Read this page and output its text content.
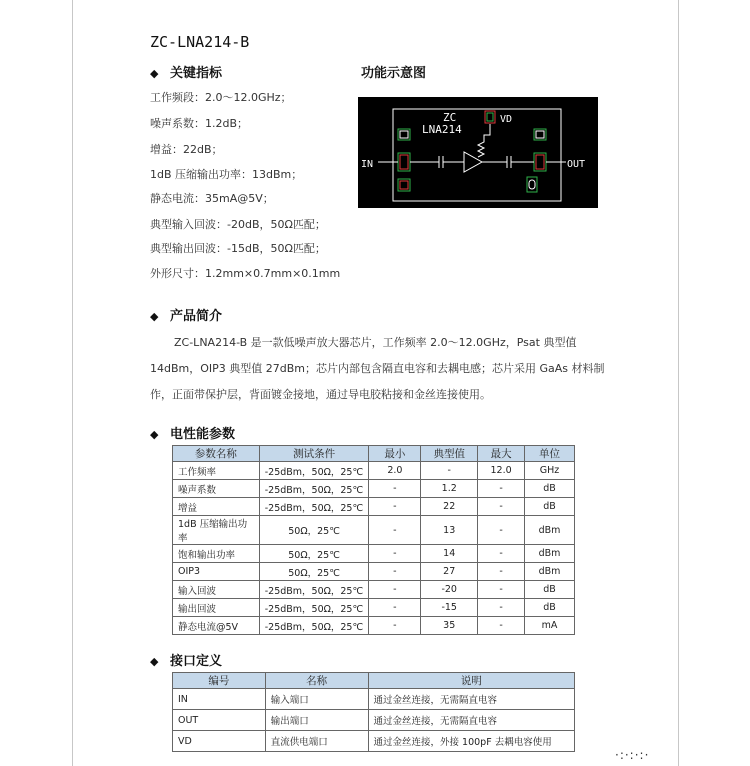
ZC-LNA214-B
◆ 关键指标	功能示意图
工作频段：2.0～12.0GHz；
噪声系数：1.2dB；
增益：22dB；
1dB 压缩输出功率：13dBm；
静态电流：35mA@5V；
典型输入回波：-20dB，50Ω匹配；
典型输出回波：-15dB，50Ω匹配；
外形尺寸：1.2mm×0.7mm×0.1mm
ZC
LNA214
VD
IN	OUT
◆ 产品简介
ZC-LNA214-B 是一款低噪声放大器芯片，工作频率 2.0～12.0GHz，Psat 典型值 14dBm，OIP3 典型值 27dBm；芯片内部包含隔直电容和去耦电感；芯片采用 GaAs 材料制作，正面带保护层，背面镀金接地，通过导电胶粘接和金丝连接使用。
◆ 电性能参数
参数名称	测试条件	最小	典型值	最大	单位
工作频率	-25dBm，50Ω，25℃	2.0	-	12.0	GHz
噪声系数	-25dBm，50Ω，25℃	-	1.2	-	dB
增益	-25dBm，50Ω，25℃	-	22	-	dB
1dB 压缩输出功率	50Ω，25℃	-	13	-	dBm
饱和输出功率	50Ω，25℃	-	14	-	dBm
OIP3	50Ω，25℃	-	27	-	dBm
输入回波	-25dBm，50Ω，25℃	-	-20	-	dB
输出回波	-25dBm，50Ω，25℃	-	-15	-	dB
静态电流@5V	-25dBm，50Ω，25℃	-	35	-	mA
◆ 接口定义
编号	名称	说明
IN	输入端口	通过金丝连接，无需隔直电容
OUT	输出端口	通过金丝连接，无需隔直电容
VD	直流供电端口	通过金丝连接，外接 100pF 去耦电容使用
·:·:·:·
